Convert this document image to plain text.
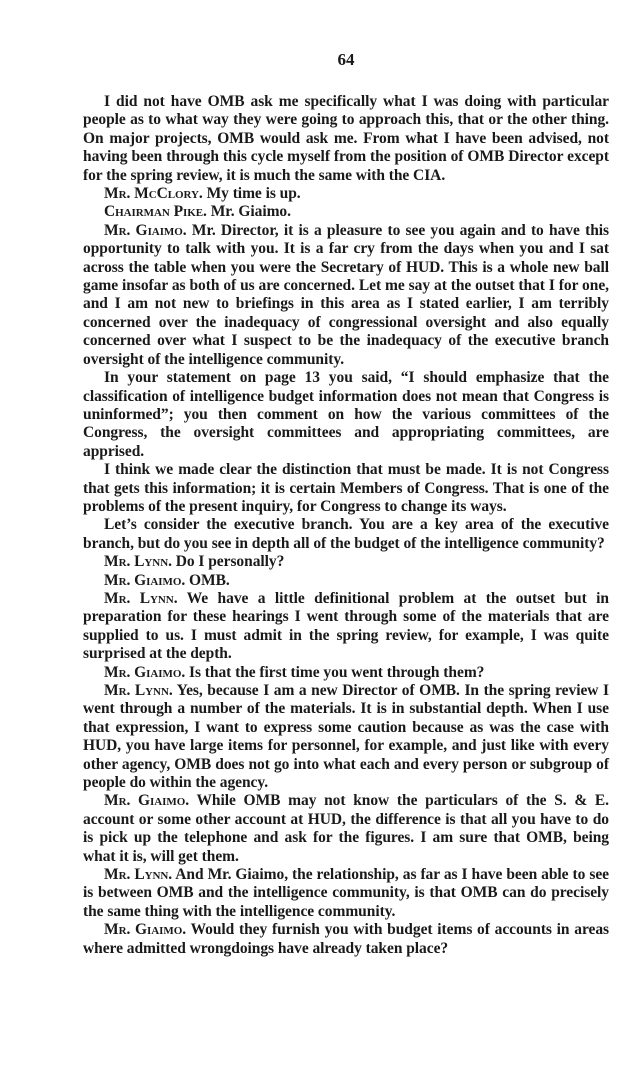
64

I did not have OMB ask me specifically what I was doing with particular people as to what way they were going to approach this, that or the other thing. On major projects, OMB would ask me. From what I have been advised, not having been through this cycle myself from the position of OMB Director except for the spring review, it is much the same with the CIA.

Mr. McClory. My time is up.

Chairman Pike. Mr. Giaimo.

Mr. Giaimo. Mr. Director, it is a pleasure to see you again and to have this opportunity to talk with you. It is a far cry from the days when you and I sat across the table when you were the Secretary of HUD. This is a whole new ball game insofar as both of us are concerned. Let me say at the outset that I for one, and I am not new to briefings in this area as I stated earlier, I am terribly concerned over the inadequacy of congressional oversight and also equally concerned over what I suspect to be the inadequacy of the executive branch oversight of the intelligence community.

In your statement on page 13 you said, “I should emphasize that the classification of intelligence budget information does not mean that Congress is uninformed”; you then comment on how the various committees of the Congress, the oversight committees and appropriating committees, are apprised.

I think we made clear the distinction that must be made. It is not Congress that gets this information; it is certain Members of Congress. That is one of the problems of the present inquiry, for Congress to change its ways.

Let’s consider the executive branch. You are a key area of the executive branch, but do you see in depth all of the budget of the intelligence community?

Mr. Lynn. Do I personally?

Mr. Giaimo. OMB.

Mr. Lynn. We have a little definitional problem at the outset but in preparation for these hearings I went through some of the materials that are supplied to us. I must admit in the spring review, for example, I was quite surprised at the depth.

Mr. Giaimo. Is that the first time you went through them?

Mr. Lynn. Yes, because I am a new Director of OMB. In the spring review I went through a number of the materials. It is in substantial depth. When I use that expression, I want to express some caution because as was the case with HUD, you have large items for personnel, for example, and just like with every other agency, OMB does not go into what each and every person or subgroup of people do within the agency.

Mr. Giaimo. While OMB may not know the particulars of the S. & E. account or some other account at HUD, the difference is that all you have to do is pick up the telephone and ask for the figures. I am sure that OMB, being what it is, will get them.

Mr. Lynn. And Mr. Giaimo, the relationship, as far as I have been able to see is between OMB and the intelligence community, is that OMB can do precisely the same thing with the intelligence community.

Mr. Giaimo. Would they furnish you with budget items of accounts in areas where admitted wrongdoings have already taken place?
